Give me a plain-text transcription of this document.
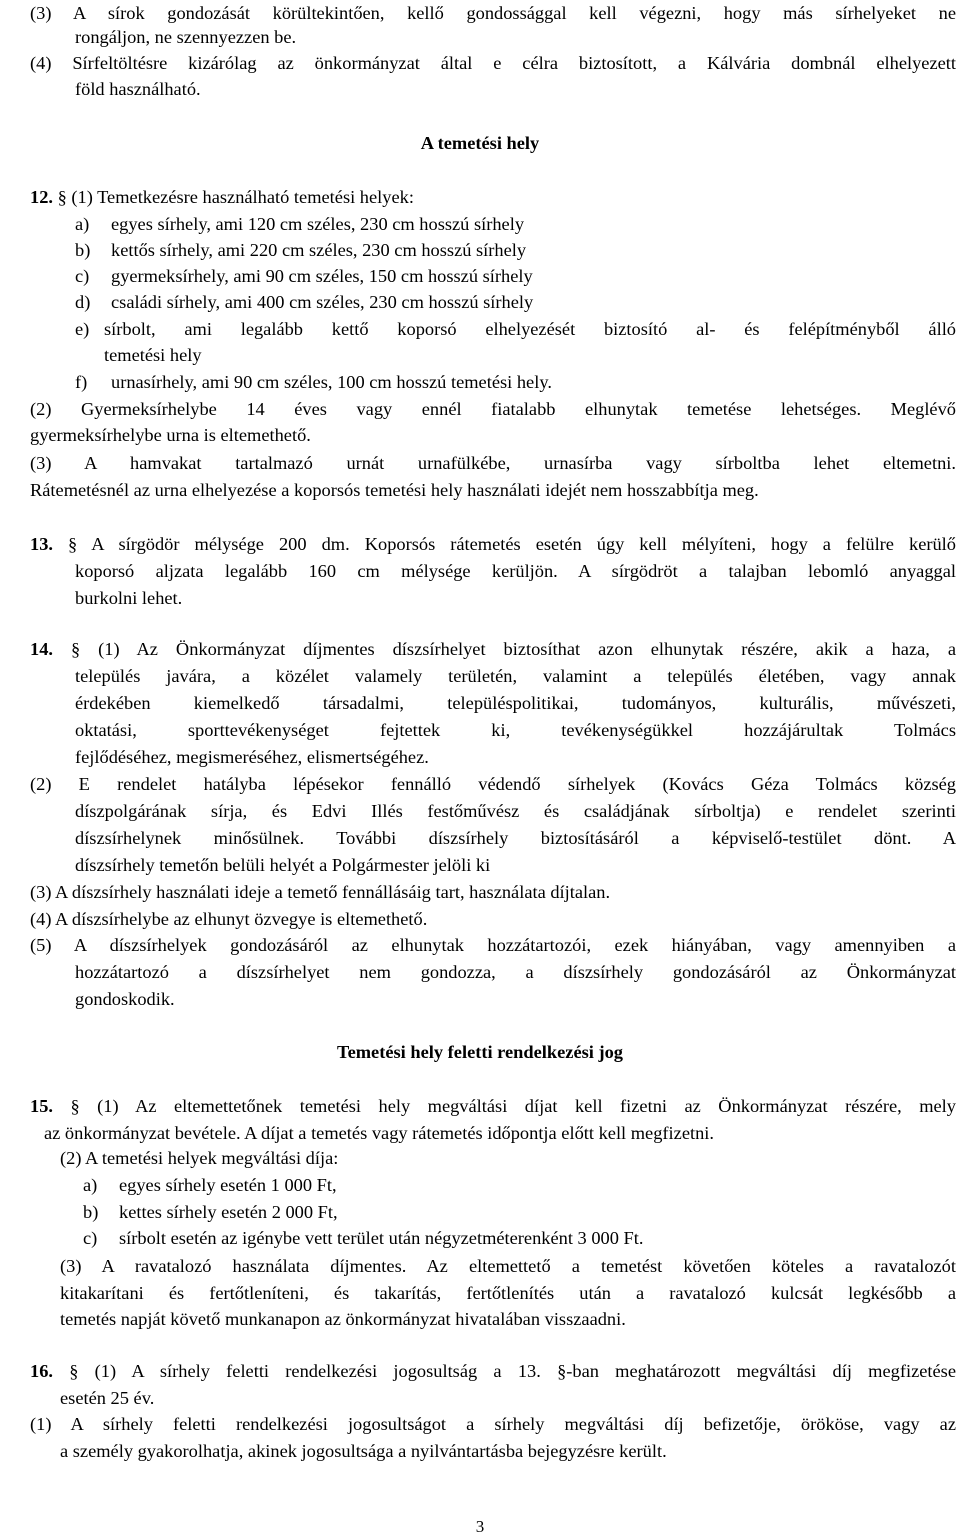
(3) A sírok gondozását körültekintően, kellő gondossággal kell végezni, hogy más sírhelyeket ne
rongáljon, ne szennyezzen be.
(4) Sírfeltöltésre kizárólag az önkormányzat által e célra biztosított, a Kálvária dombnál elhelyezett
föld használható.
A temetési hely
12. § (1) Temetkezésre használható temetési helyek:
a) egyes sírhely, ami 120 cm széles, 230 cm hosszú sírhely
b) kettős sírhely, ami 220 cm széles, 230 cm hosszú sírhely
c) gyermeksírhely, ami 90 cm széles, 150 cm hosszú sírhely
d) családi sírhely, ami 400 cm széles, 230 cm hosszú sírhely
e) sírbolt, ami legalább kettő koporsó elhelyezését biztosító al- és felépítményből álló
temetési hely
f) urnasírhely, ami 90 cm széles, 100 cm hosszú temetési hely.
(2) Gyermeksírhelybe 14 éves vagy ennél fiatalabb elhunytak temetése lehetséges. Meglévő
gyermeksírhelybe urna is eltemethető.
(3) A hamvakat tartalmazó urnát urnafülkébe, urnasírba vagy sírboltba lehet eltemetni.
Rátemetésnél az urna elhelyezése a koporsós temetési hely használati idejét nem hosszabbítja meg.
13. § A sírgödör mélysége 200 dm. Koporsós rátemetés esetén úgy kell mélyíteni, hogy a felülre kerülő
koporsó aljzata legalább 160 cm mélysége kerüljön. A sírgödröt a talajban lebomló anyaggal
burkolni lehet.
14. § (1) Az Önkormányzat díjmentes díszsírhelyet biztosíthat azon elhunytak részére, akik a haza, a
település javára, a közélet valamely területén, valamint a település életében, vagy annak
érdekében kiemelkedő társadalmi, településpolitikai, tudományos, kulturális, művészeti,
oktatási, sporttevékenységet fejtettek ki, tevékenységükkel hozzájárultak Tolmács
fejlődéséhez, megismeréséhez, elismertségéhez.
(2) E rendelet hatályba lépésekor fennálló védendő sírhelyek (Kovács Géza Tolmács község
díszpolgárának sírja, és Edvi Illés festőművész és családjának sírboltja) e rendelet szerinti
díszsírhelynek minősülnek. További díszsírhely biztosításáról a képviselő-testület dönt. A
díszsírhely temetőn belüli helyét a Polgármester jelöli ki
(3) A díszsírhely használati ideje a temető fennállásáig tart, használata díjtalan.
(4) A díszsírhelybe az elhunyt özvegye is eltemethető.
(5) A díszsírhelyek gondozásáról az elhunytak hozzátartozói, ezek hiányában, vagy amennyiben a
hozzátartozó a díszsírhelyet nem gondozza, a díszsírhely gondozásáról az Önkormányzat
gondoskodik.
Temetési hely feletti rendelkezési jog
15. § (1) Az eltemettetőnek temetési hely megváltási díjat kell fizetni az Önkormányzat részére, mely
az önkormányzat bevétele. A díjat a temetés vagy rátemetés időpontja előtt kell megfizetni.
(2) A temetési helyek megváltási díja:
a) egyes sírhely esetén 1 000 Ft,
b) kettes sírhely esetén 2 000 Ft,
c) sírbolt esetén az igénybe vett terület után négyzetméterenként 3 000 Ft.
(3) A ravatalozó használata díjmentes. Az eltemettető a temetést követően köteles a ravatalozót
kitakarítani és fertőtleníteni, és takarítás, fertőtlenítés után a ravatalozó kulcsát legkésőbb a
temetés napját követő munkanapon az önkormányzat hivatalában visszaadni.
16. § (1) A sírhely feletti rendelkezési jogosultság a 13. §-ban meghatározott megváltási díj megfizetése
esetén 25 év.
(1) A sírhely feletti rendelkezési jogosultságot a sírhely megváltási díj befizetője, örököse, vagy az
a személy gyakorolhatja, akinek jogosultsága a nyilvántartásba bejegyzésre került.
3
